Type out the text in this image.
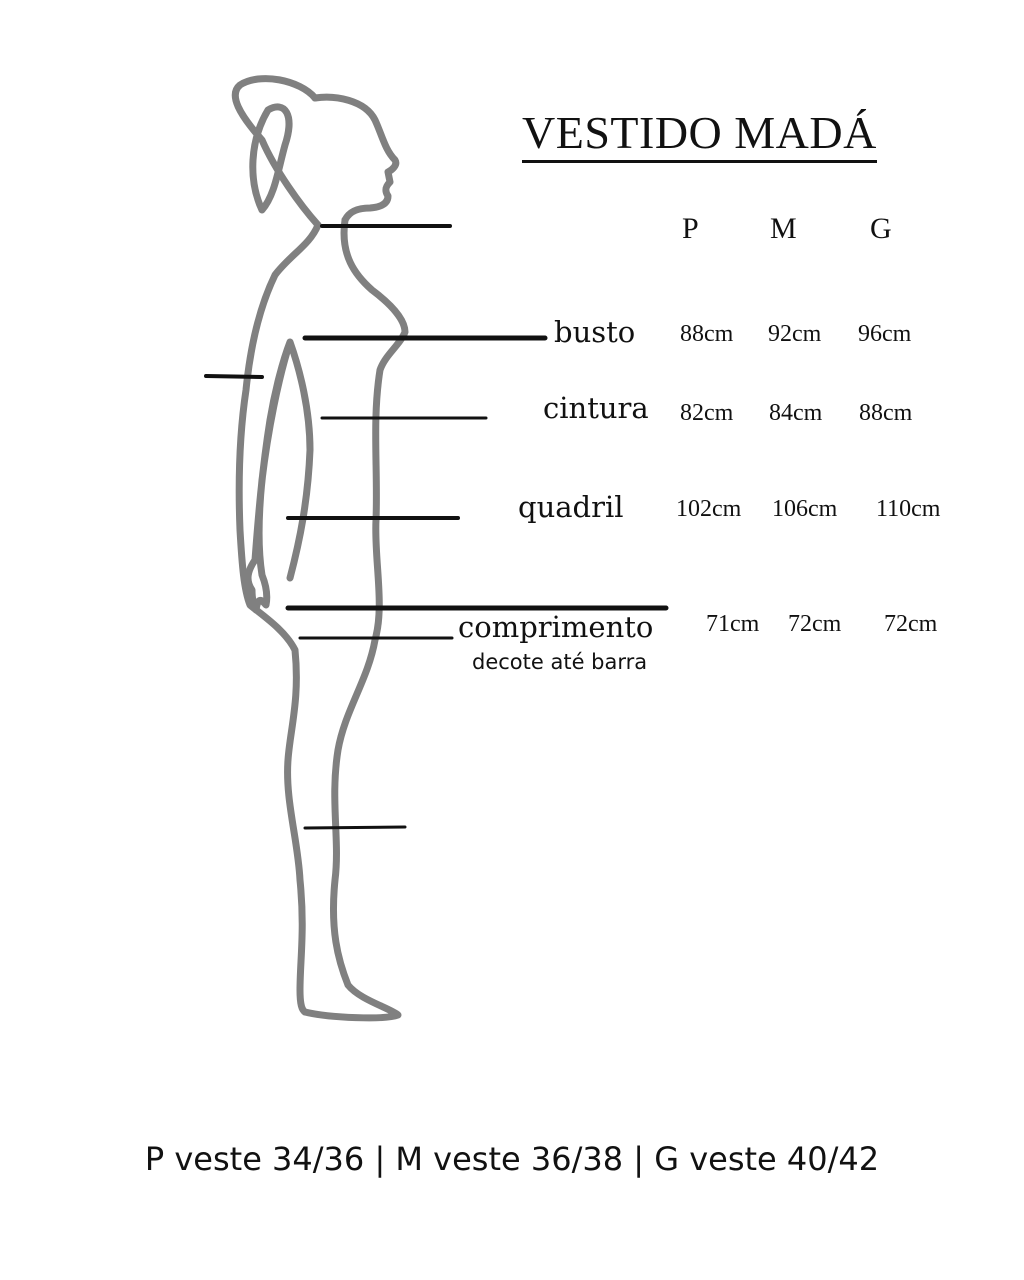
VESTIDO MADÁ
P M G
busto 88cm 92cm 96cm
cintura 82cm 84cm 88cm
quadril 102cm 106cm 110cm
comprimento
decote até barra
71cm 72cm 72cm
P veste 34/36 | M veste 36/38 | G veste 40/42
